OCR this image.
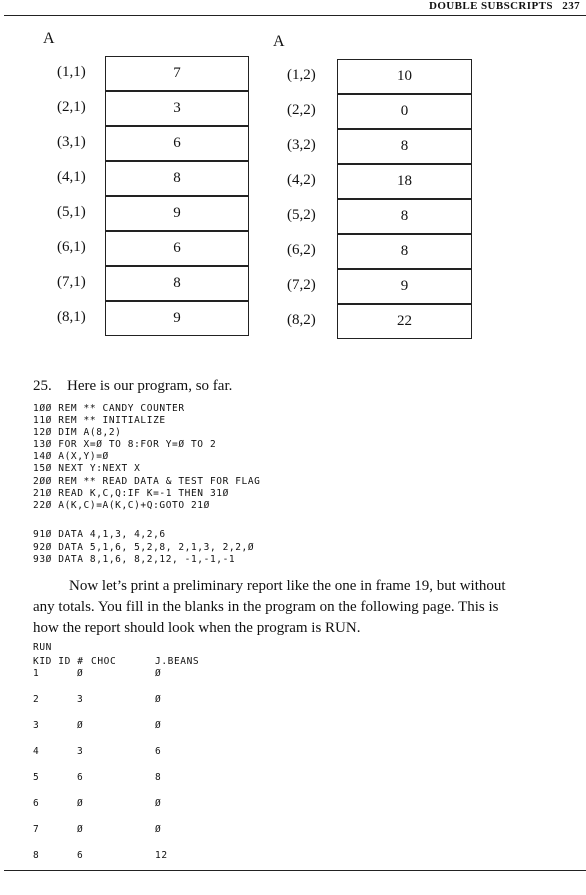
DOUBLE SUBSCRIPTS 237
A	A
(1,1)	7
(2,1)	3
(3,1)	6
(4,1)	8
(5,1)	9
(6,1)	6
(7,1)	8
(8,1)	9
(1,2)	10
(2,2)	0
(3,2)	8
(4,2)	18
(5,2)	8
(6,2)	8
(7,2)	9
(8,2)	22
25. Here is our program, so far.
1ØØ REM ** CANDY COUNTER
11Ø REM ** INITIALIZE
12Ø DIM A(8,2)
13Ø FOR X=Ø TO 8:FOR Y=Ø TO 2
14Ø A(X,Y)=Ø
15Ø NEXT Y:NEXT X
2ØØ REM ** READ DATA & TEST FOR FLAG
21Ø READ K,C,Q:IF K=-1 THEN 31Ø
22Ø A(K,C)=A(K,C)+Q:GOTO 21Ø
91Ø DATA 4,1,3, 4,2,6
92Ø DATA 5,1,6, 5,2,8, 2,1,3, 2,2,Ø
93Ø DATA 8,1,6, 8,2,12, -1,-1,-1
Now let’s print a preliminary report like the one in frame 19, but without
any totals. You fill in the blanks in the program on the following page. This is
how the report should look when the program is RUN.
RUN
KID ID # CHOC	J.BEANS
1	Ø	Ø
2	3	Ø
3	Ø	Ø
4	3	6
5	6	8
6	Ø	Ø
7	Ø	Ø
8	6	12
